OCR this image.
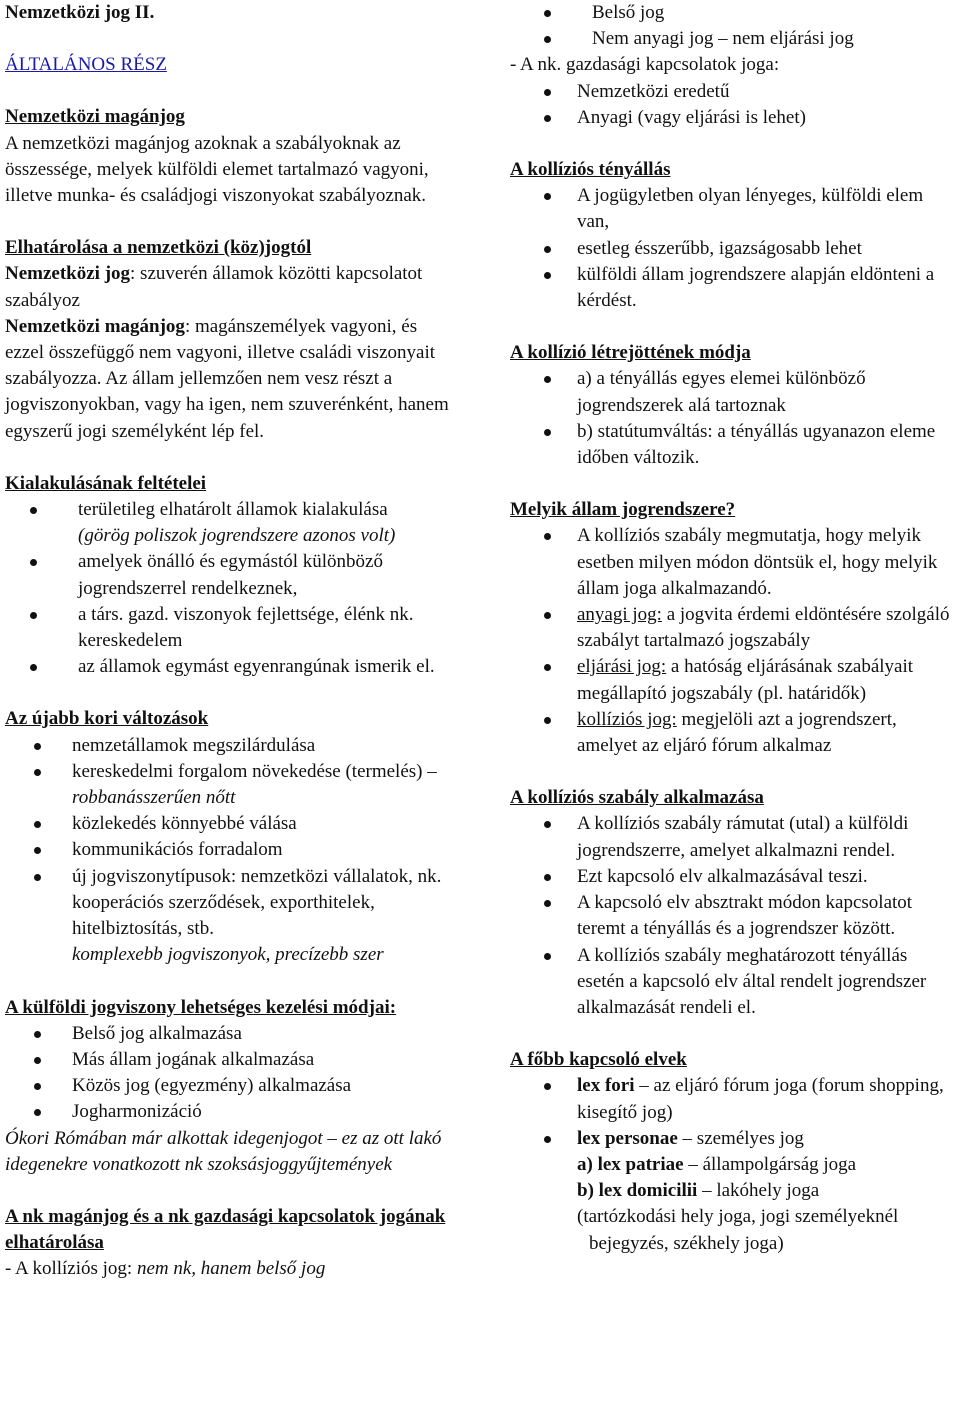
Nemzetközi jog II.

ÁLTALÁNOS RÉSZ

Nemzetközi magánjog

A nemzetközi magánjog azoknak a szabályoknak az összessége, melyek külföldi elemet tartalmazó vagyoni, illetve munka- és családjogi viszonyokat szabályoznak.

Elhatárolása a nemzetközi (köz)jogtól

Nemzetközi jog: szuverén államok közötti kapcsolatot szabályoz

Nemzetközi magánjog: magánszemélyek vagyoni, és ezzel összefüggő nem vagyoni, illetve családi viszonyait szabályozza. Az állam jellemzően nem vesz részt a jogviszonyokban, vagy ha igen, nem szuverénként, hanem egyszerű jogi személyként lép fel.

Kialakulásának feltételei

területileg elhatárolt államok kialakulása
(görög poliszok jogrendszere azonos volt)
amelyek önálló és egymástól különböző jogrendszerrel rendelkeznek,
a társ. gazd. viszonyok fejlettsége, élénk nk. kereskedelem
az államok egymást egyenrangúnak ismerik el.

Az újabb kori változások

nemzetállamok megszilárdulása
kereskedelmi forgalom növekedése (termelés) – robbanásszerűen nőtt
közlekedés könnyebbé válása
kommunikációs forradalom
új jogviszonytípusok: nemzetközi vállalatok, nk. kooperációs szerződések, exporthitelek, hitelbiztosítás, stb.
komplexebb jogviszonyok, precízebb szer

A külföldi jogviszony lehetséges kezelési módjai:

Belső jog alkalmazása
Más állam jogának alkalmazása
Közös jog (egyezmény) alkalmazása
Jogharmonizáció

Ókori Rómában már alkottak idegenjogot – ez az ott lakó idegenekre vonatkozott nk szoksásjoggyűjtemények

A nk magánjog és a nk gazdasági kapcsolatok jogának elhatárolása

- A kollíziós jog: nem nk, hanem belső jog

Belső jog
Nem anyagi jog – nem eljárási jog

- A nk. gazdasági kapcsolatok joga:

Nemzetközi eredetű
Anyagi (vagy eljárási is lehet)

A kollíziós tényállás

A jogügyletben olyan lényeges, külföldi elem van,
esetleg ésszerűbb, igazságosabb lehet
külföldi állam jogrendszere alapján eldönteni a kérdést.

A kollízió létrejöttének módja

a) a tényállás egyes elemei különböző jogrendszerek alá tartoznak
b) statútumváltás: a tényállás ugyanazon eleme időben változik.

Melyik állam jogrendszere?

A kollíziós szabály megmutatja, hogy melyik esetben milyen módon döntsük el, hogy melyik állam joga alkalmazandó.
anyagi jog: a jogvita érdemi eldöntésére szolgáló szabályt tartalmazó jogszabály
eljárási jog: a hatóság eljárásának szabályait megállapító jogszabály (pl. határidők)
kollíziós jog: megjelöli azt a jogrendszert, amelyet az eljáró fórum alkalmaz

A kollíziós szabály alkalmazása

A kollíziós szabály rámutat (utal) a külföldi jogrendszerre, amelyet alkalmazni rendel.
Ezt kapcsoló elv alkalmazásával teszi.
A kapcsoló elv absztrakt módon kapcsolatot teremt a tényállás és a jogrendszer között.
A kollíziós szabály meghatározott tényállás esetén a kapcsoló elv által rendelt jogrendszer alkalmazását rendeli el.

A főbb kapcsoló elvek

lex fori – az eljáró fórum joga (forum shopping, kisegítő jog)
lex personae – személyes jog
a) lex patriae – állampolgárság joga
b) lex domicilii – lakóhely joga
(tartózkodási hely joga, jogi személyeknél
bejegyzés, székhely joga)
